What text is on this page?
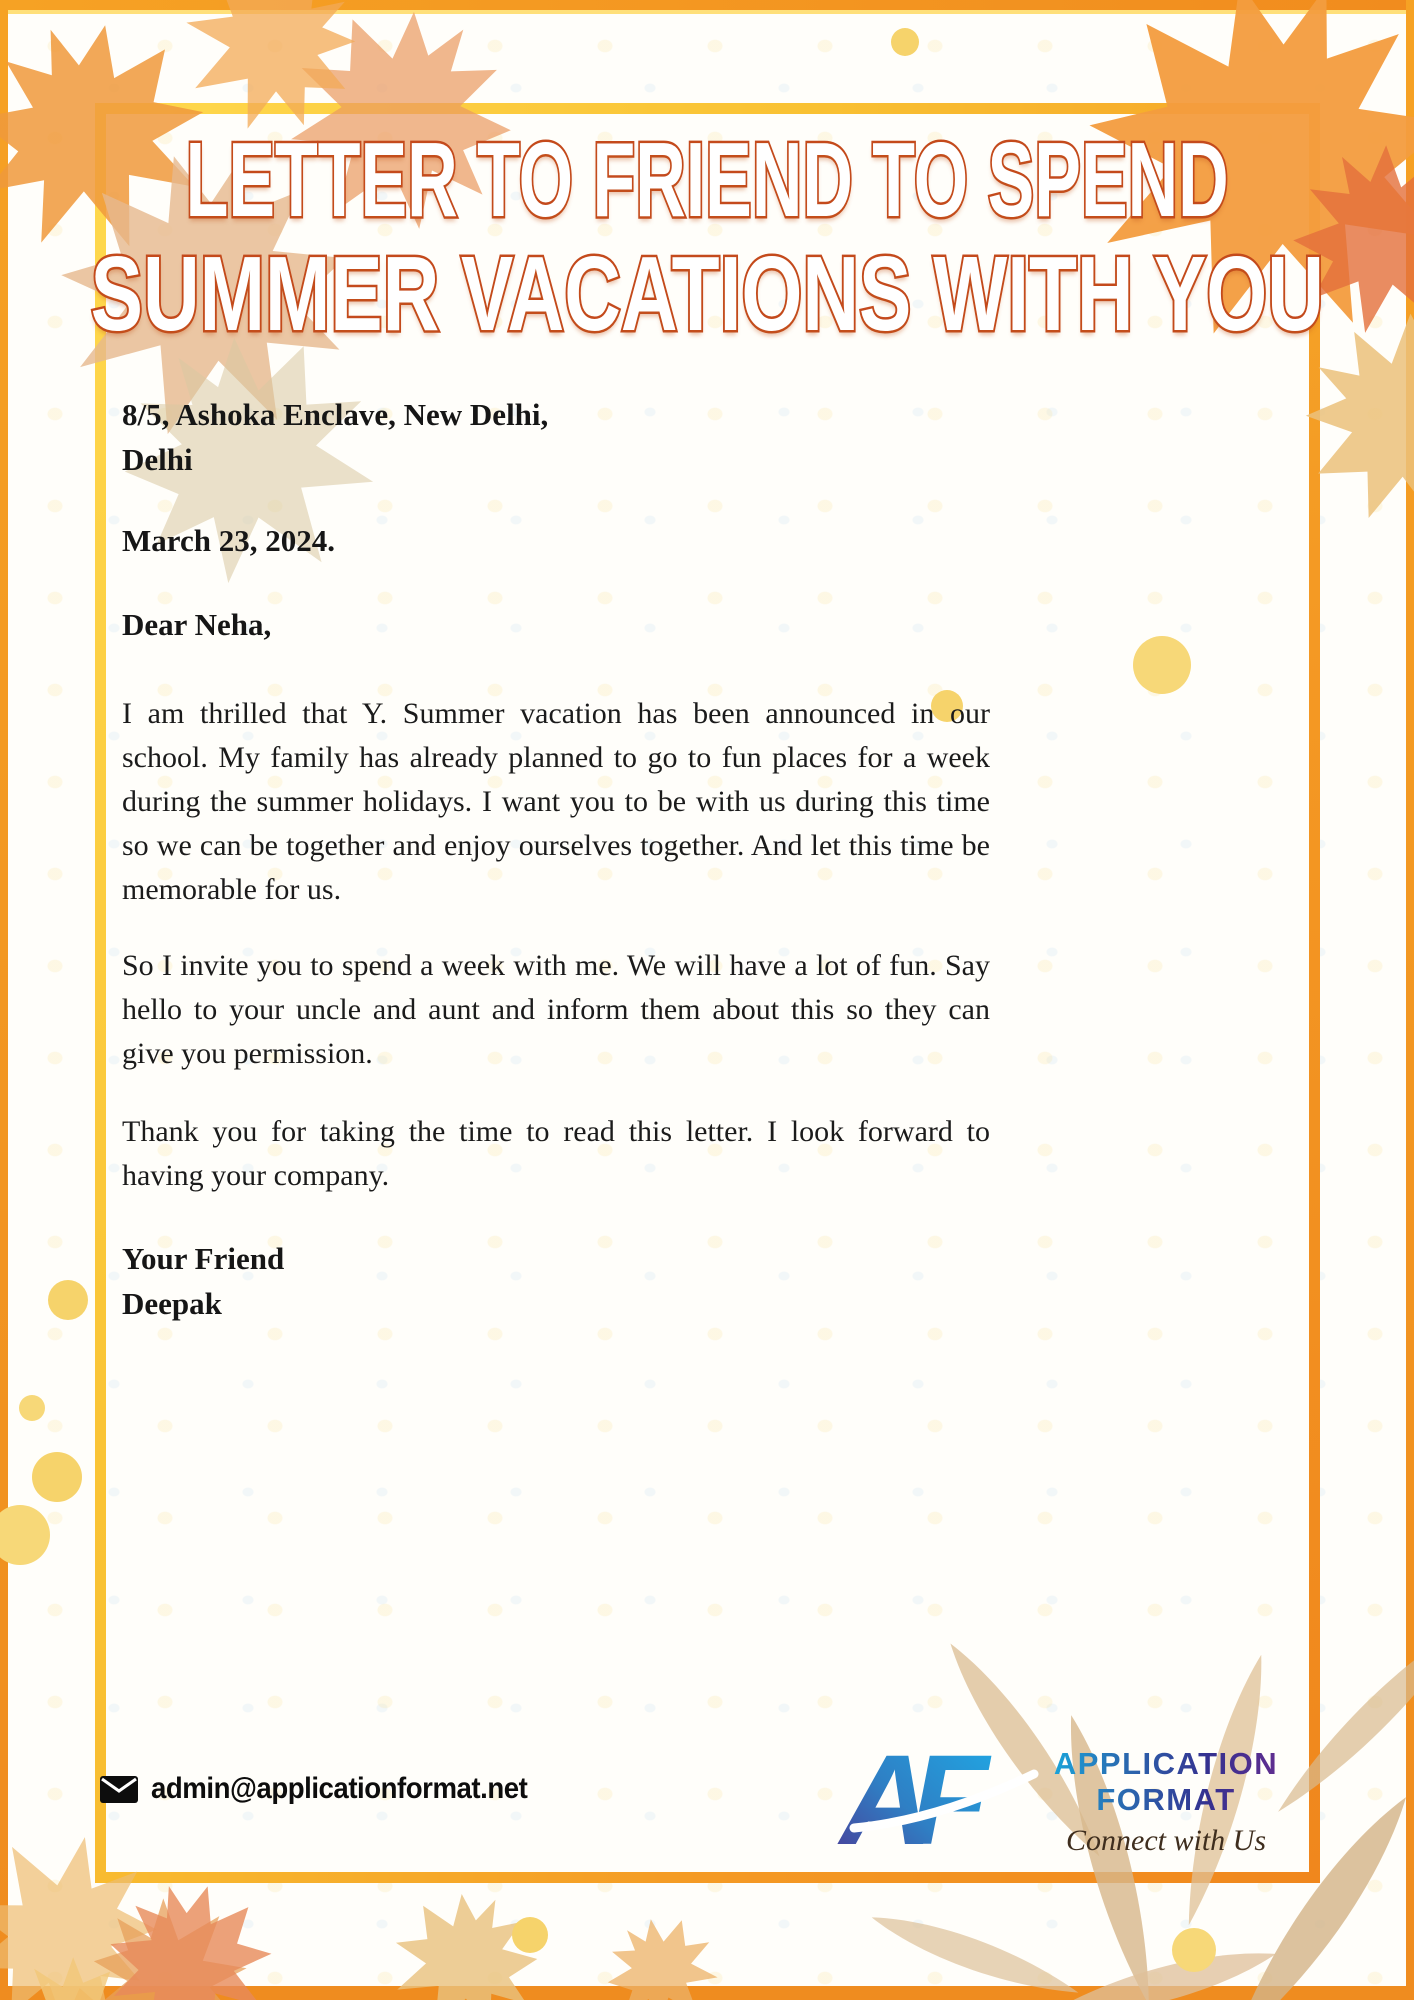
LETTER TO FRIEND TO SPEND
SUMMER VACATIONS WITH YOU
8/5, Ashoka Enclave, New Delhi,
Delhi
March 23, 2024.
Dear Neha,
I am thrilled that Y. Summer vacation has been announced in our school. My family has already planned to go to fun places for a week during the summer holidays. I want you to be with us during this time so we can be together and enjoy ourselves together. And let this time be memorable for us.
So I invite you to spend a week with me. We will have a lot of fun. Say hello to your uncle and aunt and inform them about this so they can give you permission.
Thank you for taking the time to read this letter. I look forward to having your company.
Your Friend
Deepak
admin@applicationformat.net AF	APPLICATION
FORMAT
Connect with Us
